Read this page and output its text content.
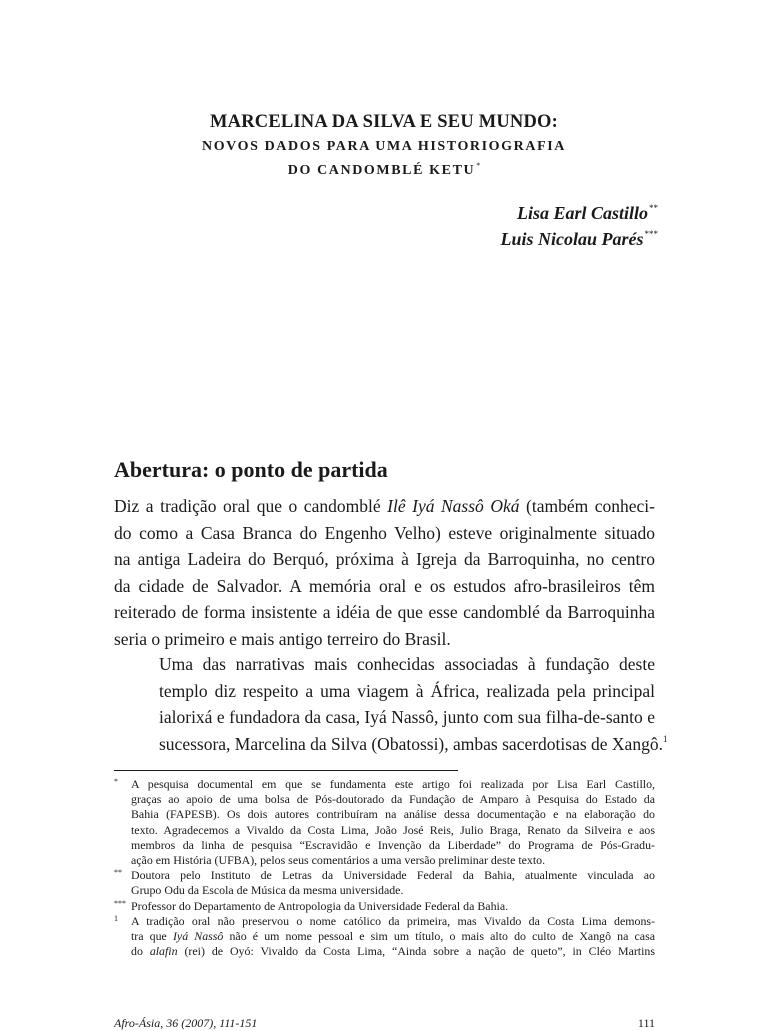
MARCELINA DA SILVA E SEU MUNDO:
NOVOS DADOS PARA UMA HISTORIOGRAFIA
DO CANDOMBLÉ KETU*
Lisa Earl Castillo**
Luis Nicolau Parés***
Abertura: o ponto de partida
Diz a tradição oral que o candomblé Ilê Iyá Nassô Oká (também conheci-
do como a Casa Branca do Engenho Velho) esteve originalmente situado
na antiga Ladeira do Berquó, próxima à Igreja da Barroquinha, no centro
da cidade de Salvador. A memória oral e os estudos afro-brasileiros têm
reiterado de forma insistente a idéia de que esse candomblé da Barroquinha
seria o primeiro e mais antigo terreiro do Brasil.
Uma das narrativas mais conhecidas associadas à fundação deste
templo diz respeito a uma viagem à África, realizada pela principal
ialorixá e fundadora da casa, Iyá Nassô, junto com sua filha-de-santo e
sucessora, Marcelina da Silva (Obatossi), ambas sacerdotisas de Xangô.$^1$
* A pesquisa documental em que se fundamenta este artigo foi realizada por Lisa Earl Castillo,
graças ao apoio de uma bolsa de Pós-doutorado da Fundação de Amparo à Pesquisa do Estado da
Bahia (FAPESB). Os dois autores contribuíram na análise dessa documentação e na elaboração do
texto. Agradecemos a Vivaldo da Costa Lima, João José Reis, Julio Braga, Renato da Silveira e aos
membros da linha de pesquisa “Escravidão e Invenção da Liberdade” do Programa de Pós-Gradu-
ação em História (UFBA), pelos seus comentários a uma versão preliminar deste texto.
** Doutora pelo Instituto de Letras da Universidade Federal da Bahia, atualmente vinculada ao
Grupo Odu da Escola de Música da mesma universidade.
*** Professor do Departamento de Antropologia da Universidade Federal da Bahia.
1 A tradição oral não preservou o nome católico da primeira, mas Vivaldo da Costa Lima demons-
tra que Iyá Nassô não é um nome pessoal e sim um título, o mais alto do culto de Xangô na casa
do alafin (rei) de Oyó: Vivaldo da Costa Lima, “Ainda sobre a nação de queto”, in Cléo Martins
Afro-Ásia, 36 (2007), 111-151	111
